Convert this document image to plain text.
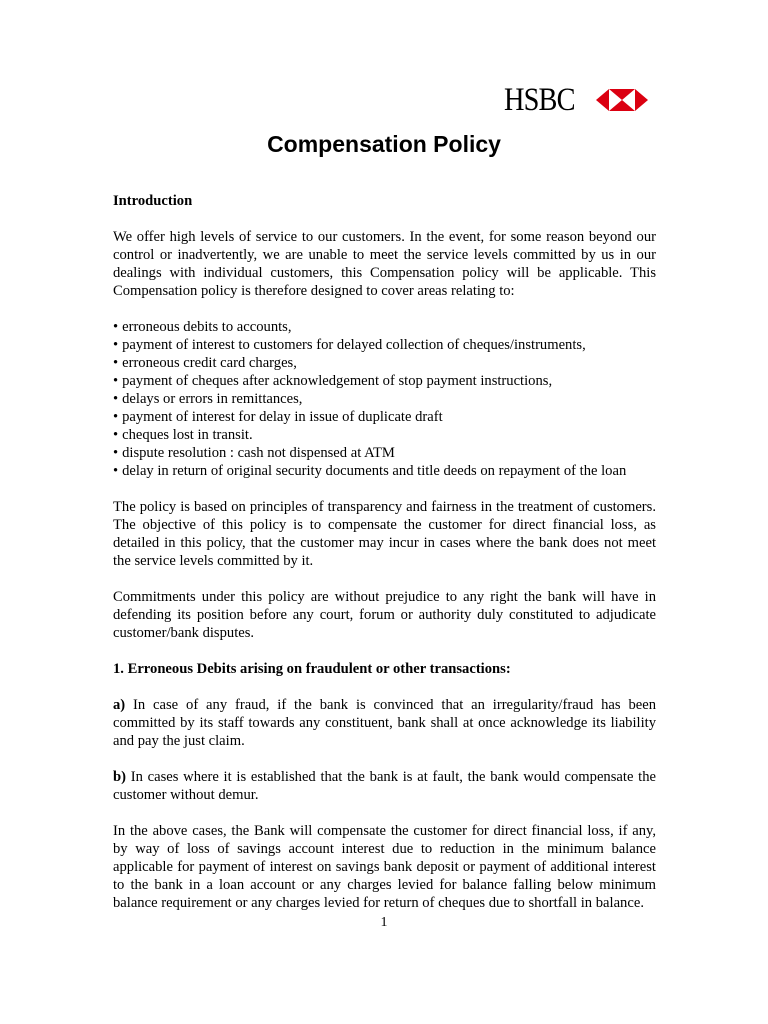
HSBC
Compensation Policy

Introduction

We offer high levels of service to our customers. In the event, for some reason beyond our control or inadvertently, we are unable to meet the service levels committed by us in our dealings with individual customers, this Compensation policy will be applicable. This Compensation policy is therefore designed to cover areas relating to:

• erroneous debits to accounts,
• payment of interest to customers for delayed collection of cheques/instruments,
• erroneous credit card charges,
• payment of cheques after acknowledgement of stop payment instructions,
• delays or errors in remittances,
• payment of interest for delay in issue of duplicate draft
• cheques lost in transit.
• dispute resolution : cash not dispensed at ATM
• delay in return of original security documents and title deeds on repayment of the loan

The policy is based on principles of transparency and fairness in the treatment of customers. The objective of this policy is to compensate the customer for direct financial loss, as detailed in this policy, that the customer may incur in cases where the bank does not meet the service levels committed by it.

Commitments under this policy are without prejudice to any right the bank will have in defending its position before any court, forum or authority duly constituted to adjudicate customer/bank disputes.

1. Erroneous Debits arising on fraudulent or other transactions:

a) In case of any fraud, if the bank is convinced that an irregularity/fraud has been committed by its staff towards any constituent, bank shall at once acknowledge its liability and pay the just claim.

b) In cases where it is established that the bank is at fault, the bank would compensate the customer without demur.

In the above cases, the Bank will compensate the customer for direct financial loss, if any, by way of loss of savings account interest due to reduction in the minimum balance applicable for payment of interest on savings bank deposit or payment of additional interest to the bank in a loan account or any charges levied for balance falling below minimum balance requirement or any charges levied for return of cheques due to shortfall in balance.

1
